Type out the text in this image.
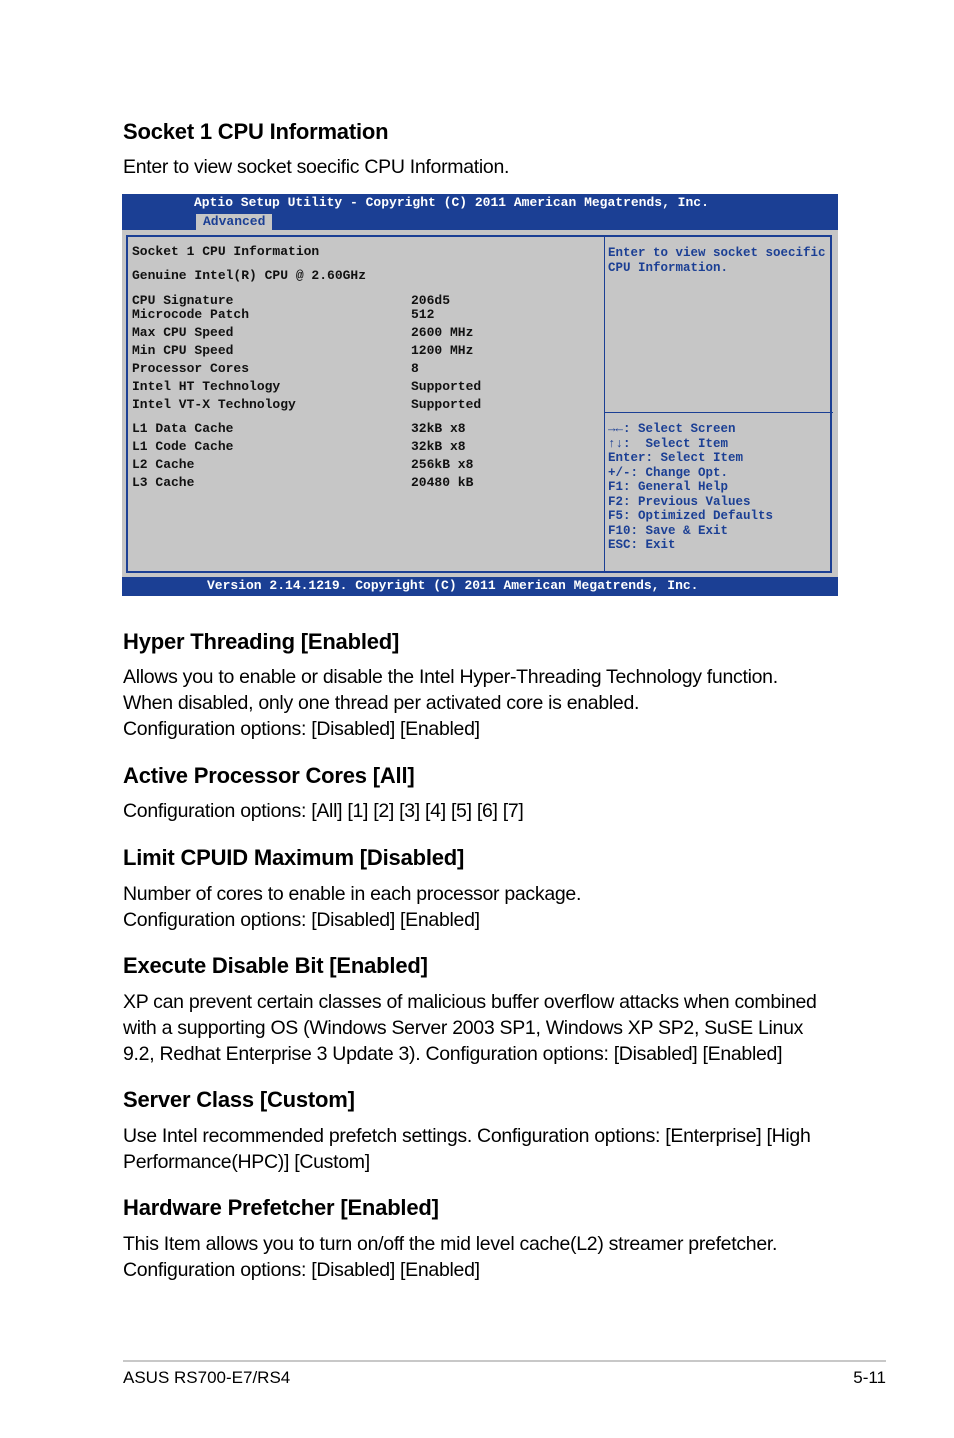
Socket 1 CPU Information

Enter to view socket soecific CPU Information.

Aptio Setup Utility - Copyright (C) 2011 American Megatrends, Inc.
Advanced
Socket 1 CPU Information
Genuine Intel(R) CPU @ 2.60GHz
CPU Signature	206d5
Microcode Patch	512
Max CPU Speed	2600 MHz
Min CPU Speed	1200 MHz
Processor Cores	8
Intel HT Technology	Supported
Intel VT-X Technology	Supported
L1 Data Cache	32kB x8
L1 Code Cache	32kB x8
L2 Cache	256kB x8
L3 Cache	20480 kB
Enter to view socket soecific
CPU Information.
→←: Select Screen
↑↓:  Select Item
Enter: Select Item
+/-: Change Opt.
F1: General Help
F2: Previous Values
F5: Optimized Defaults
F10: Save & Exit
ESC: Exit
Version 2.14.1219. Copyright (C) 2011 American Megatrends, Inc.
Hyper Threading [Enabled]

Allows you to enable or disable the Intel Hyper-Threading Technology function.

When disabled, only one thread per activated core is enabled.

Configuration options: [Disabled] [Enabled]

Active Processor Cores [All]

Configuration options: [All] [1] [2] [3] [4] [5] [6] [7]

Limit CPUID Maximum [Disabled]

Number of cores to enable in each processor package.

Configuration options: [Disabled] [Enabled]

Execute Disable Bit [Enabled]

XP can prevent certain classes of malicious buffer overflow attacks when combined

with a supporting OS (Windows Server 2003 SP1, Windows XP SP2, SuSE Linux

9.2, Redhat Enterprise 3 Update 3). Configuration options: [Disabled] [Enabled]

Server Class [Custom]

Use Intel recommended prefetch settings. Configuration options: [Enterprise] [High

Performance(HPC)] [Custom]

Hardware Prefetcher [Enabled]

This Item allows you to turn on/off the mid level cache(L2) streamer prefetcher.

Configuration options: [Disabled] [Enabled]

ASUS RS700-E7/RS4	5-11
